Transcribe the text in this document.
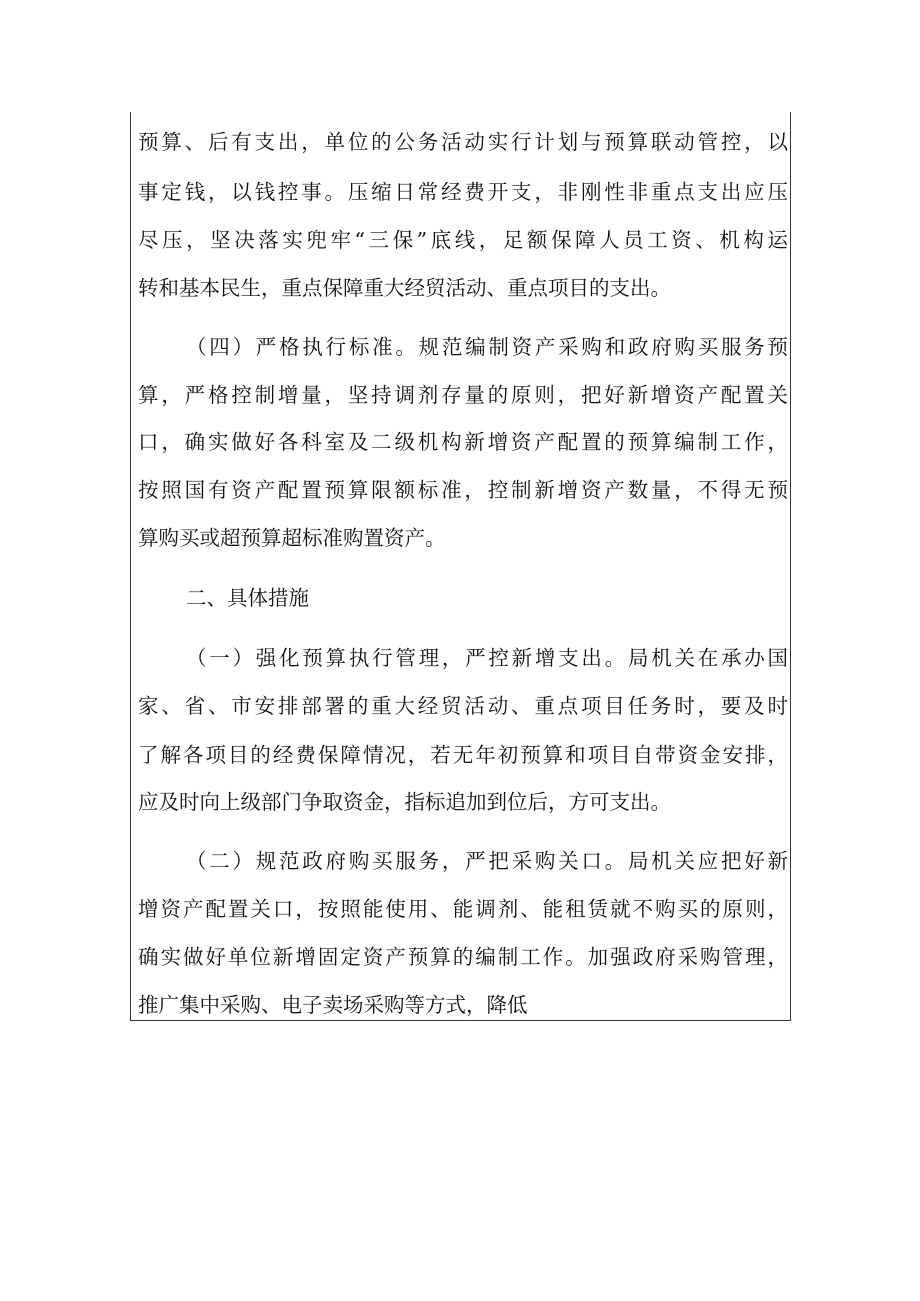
预算、后有支出，单位的公务活动实行计划与预算联动管控，以
事定钱，以钱控事。压缩日常经费开支，非刚性非重点支出应压
尽压，坚决落实兜牢“三保”底线，足额保障人员工资、机构运
转和基本民生，重点保障重大经贸活动、重点项目的支出。
（四）严格执行标准。规范编制资产采购和政府购买服务预
算，严格控制增量，坚持调剂存量的原则，把好新增资产配置关
口，确实做好各科室及二级机构新增资产配置的预算编制工作，
按照国有资产配置预算限额标准，控制新增资产数量，不得无预
算购买或超预算超标准购置资产。
二、具体措施
（一）强化预算执行管理，严控新增支出。局机关在承办国
家、省、市安排部署的重大经贸活动、重点项目任务时，要及时
了解各项目的经费保障情况，若无年初预算和项目自带资金安排，
应及时向上级部门争取资金，指标追加到位后，方可支出。
（二）规范政府购买服务，严把采购关口。局机关应把好新
增资产配置关口，按照能使用、能调剂、能租赁就不购买的原则，
确实做好单位新增固定资产预算的编制工作。加强政府采购管理，
推广集中采购、电子卖场采购等方式，降低
